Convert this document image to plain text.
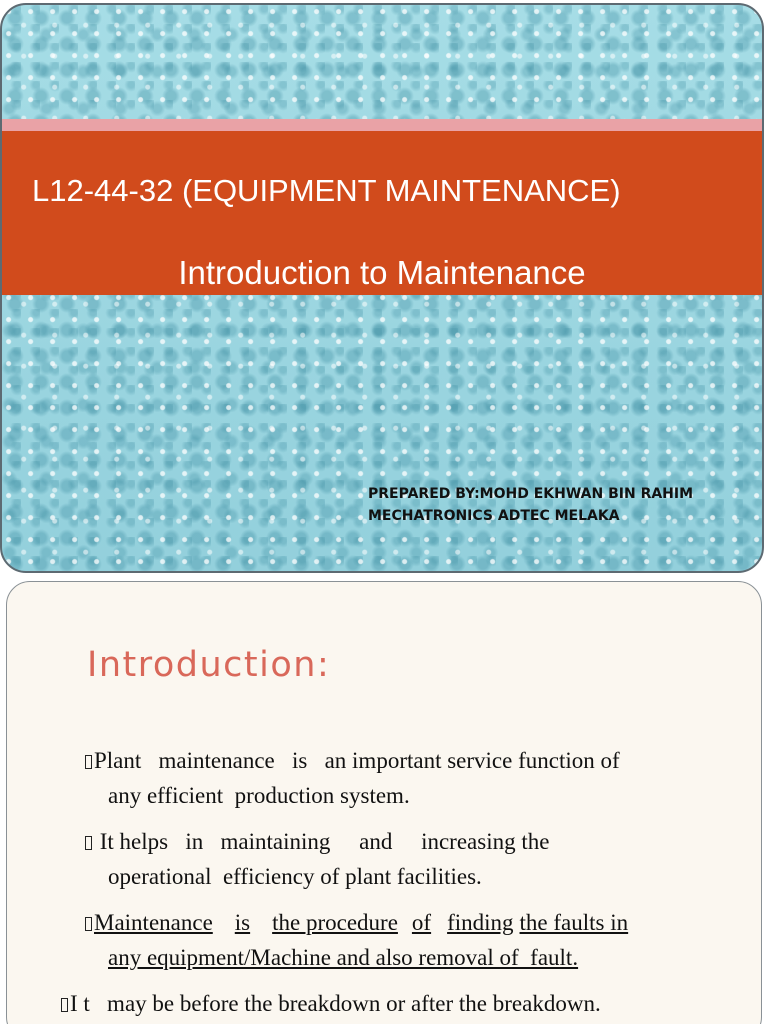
L12-44-32 (EQUIPMENT MAINTENANCE)
Introduction to Maintenance
PREPARED BY:MOHD EKHWAN BIN RAHIM
MECHATRONICS ADTEC MELAKA
Introduction:
Plant   maintenance   is   an important service function of
any efficient  production system.
It helps   in   maintaining     and     increasing the
operational  efficiency of plant facilities.
Maintenance is the procedure of finding the faults in
any equipment/Machine and also removal of  fault.
I t   may be before the breakdown or after the breakdown.
